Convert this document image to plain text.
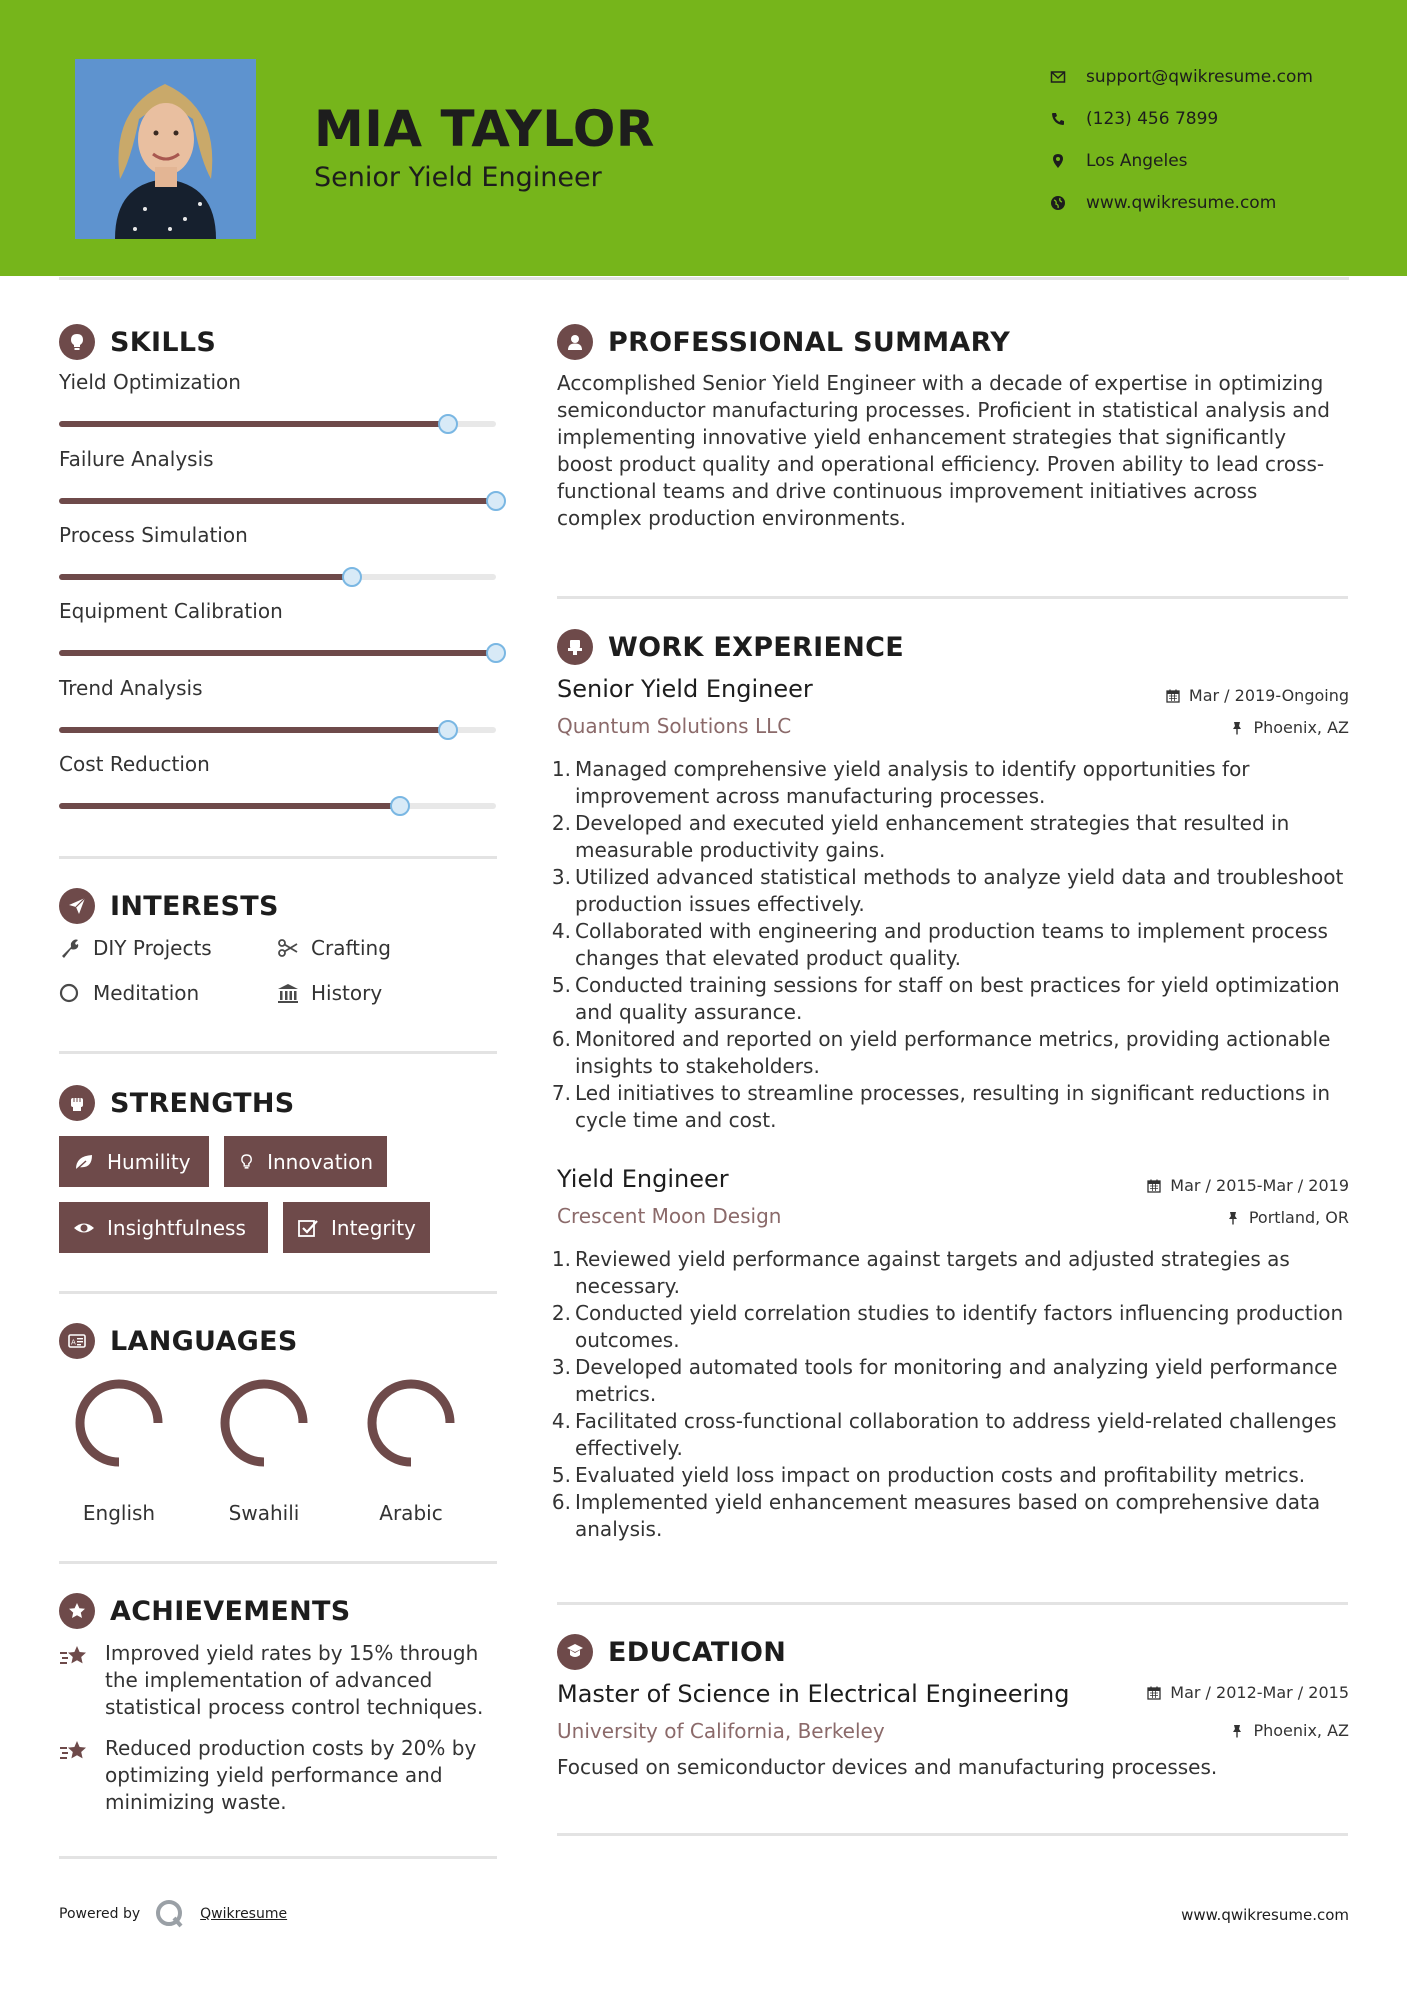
MIA TAYLOR
Senior Yield Engineer
support@qwikresume.com
(123) 456 7899
Los Angeles
www.qwikresume.com
SKILLS
Yield Optimization
Failure Analysis
Process Simulation
Equipment Calibration
Trend Analysis
Cost Reduction
INTERESTS
DIY Projects	Crafting
Meditation	History
STRENGTHS
Humility	Innovation
Insightfulness	Integrity
A LANGUAGES
English	Swahili	Arabic
ACHIEVEMENTS
Improved yield rates by 15% through the implementation of advanced statistical process control techniques.
Reduced production costs by 20% by optimizing yield performance and minimizing waste.
PROFESSIONAL SUMMARY
Accomplished Senior Yield Engineer with a decade of expertise in optimizing semiconductor manufacturing processes. Proficient in statistical analysis and implementing innovative yield enhancement strategies that significantly boost product quality and operational efficiency. Proven ability to lead cross-functional teams and drive continuous improvement initiatives across complex production environments.
WORK EXPERIENCE
Senior Yield Engineer	Mar / 2019-Ongoing
Quantum Solutions LLC	Phoenix, AZ
1. Managed comprehensive yield analysis to identify opportunities for improvement across manufacturing processes.
2. Developed and executed yield enhancement strategies that resulted in measurable productivity gains.
3. Utilized advanced statistical methods to analyze yield data and troubleshoot production issues effectively.
4. Collaborated with engineering and production teams to implement process changes that elevated product quality.
5. Conducted training sessions for staff on best practices for yield optimization and quality assurance.
6. Monitored and reported on yield performance metrics, providing actionable insights to stakeholders.
7. Led initiatives to streamline processes, resulting in significant reductions in cycle time and cost.
Yield Engineer	Mar / 2015-Mar / 2019
Crescent Moon Design	Portland, OR
1. Reviewed yield performance against targets and adjusted strategies as necessary.
2. Conducted yield correlation studies to identify factors influencing production outcomes.
3. Developed automated tools for monitoring and analyzing yield performance metrics.
4. Facilitated cross-functional collaboration to address yield-related challenges effectively.
5. Evaluated yield loss impact on production costs and profitability metrics.
6. Implemented yield enhancement measures based on comprehensive data analysis.
EDUCATION
Master of Science in Electrical Engineering	Mar / 2012-Mar / 2015
University of California, Berkeley	Phoenix, AZ
Focused on semiconductor devices and manufacturing processes.
Powered by	Qwikresume	www.qwikresume.com
